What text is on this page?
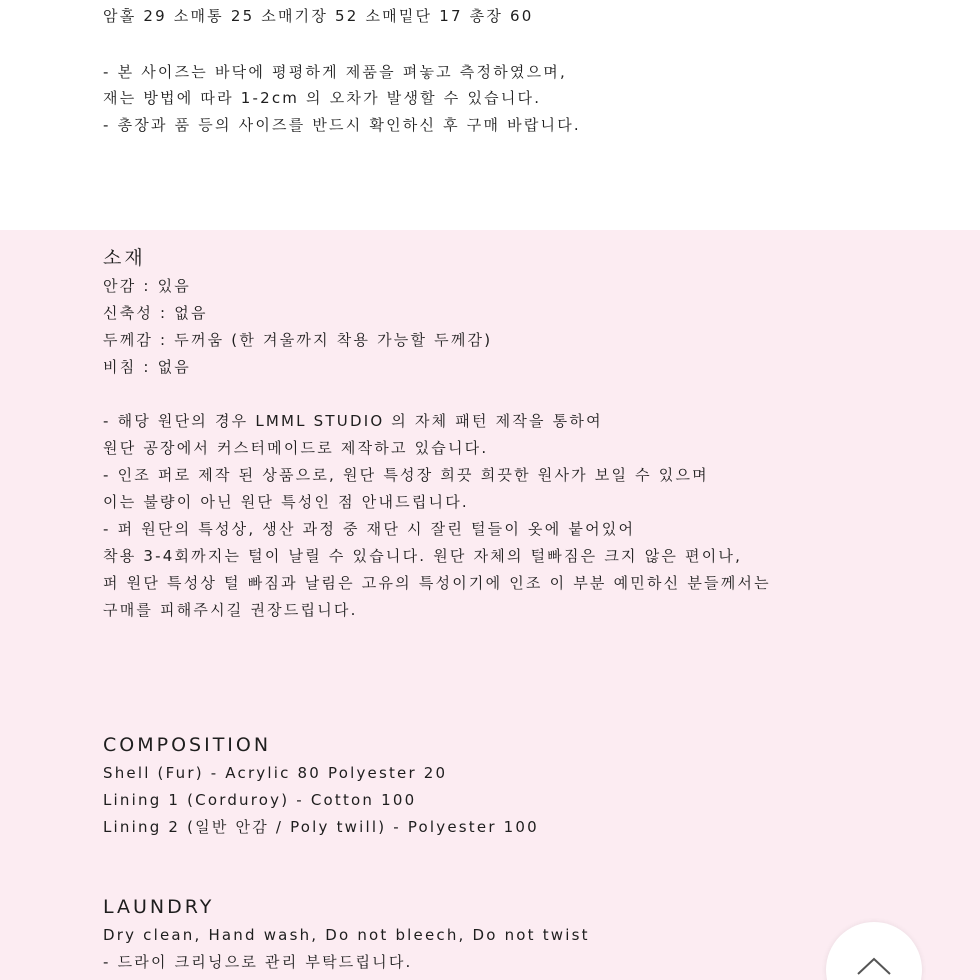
암홀 29 소매통 25 소매기장 52 소매밑단 17 총장 60
- 본 사이즈는 바닥에 평평하게 제품을 펴놓고 측정하였으며,
재는 방법에 따라 1-2cm 의 오차가 발생할 수 있습니다.
- 총장과 품 등의 사이즈를 반드시 확인하신 후 구매 바랍니다.
소재
안감 : 있음
신축성 : 없음
두께감 : 두꺼움 (한 겨울까지 착용 가능할 두께감)
비침 : 없음
- 해당 원단의 경우 LMML STUDIO 의 자체 패턴 제작을 통하여
원단 공장에서 커스터메이드로 제작하고 있습니다.
- 인조 퍼로 제작 된 상품으로, 원단 특성장 희끗 희끗한 원사가 보일 수 있으며
이는 불량이 아닌 원단 특성인 점 안내드립니다.
- 퍼 원단의 특성상, 생산 과정 중 재단 시 잘린 털들이 옷에 붙어있어
착용 3-4회까지는 털이 날릴 수 있습니다. 원단 자체의 털빠짐은 크지 않은 편이나,
퍼 원단 특성상 털 빠짐과 날림은 고유의 특성이기에 인조 이 부분 예민하신 분들께서는
구매를 피해주시길 권장드립니다.
COMPOSITION
Shell (Fur) - Acrylic 80 Polyester 20
Lining 1 (Corduroy) - Cotton 100
Lining 2 (일반 안감 / Poly twill) - Polyester 100
LAUNDRY
Dry clean, Hand wash, Do not bleech, Do not twist
- 드라이 크리닝으로 관리 부탁드립니다.
